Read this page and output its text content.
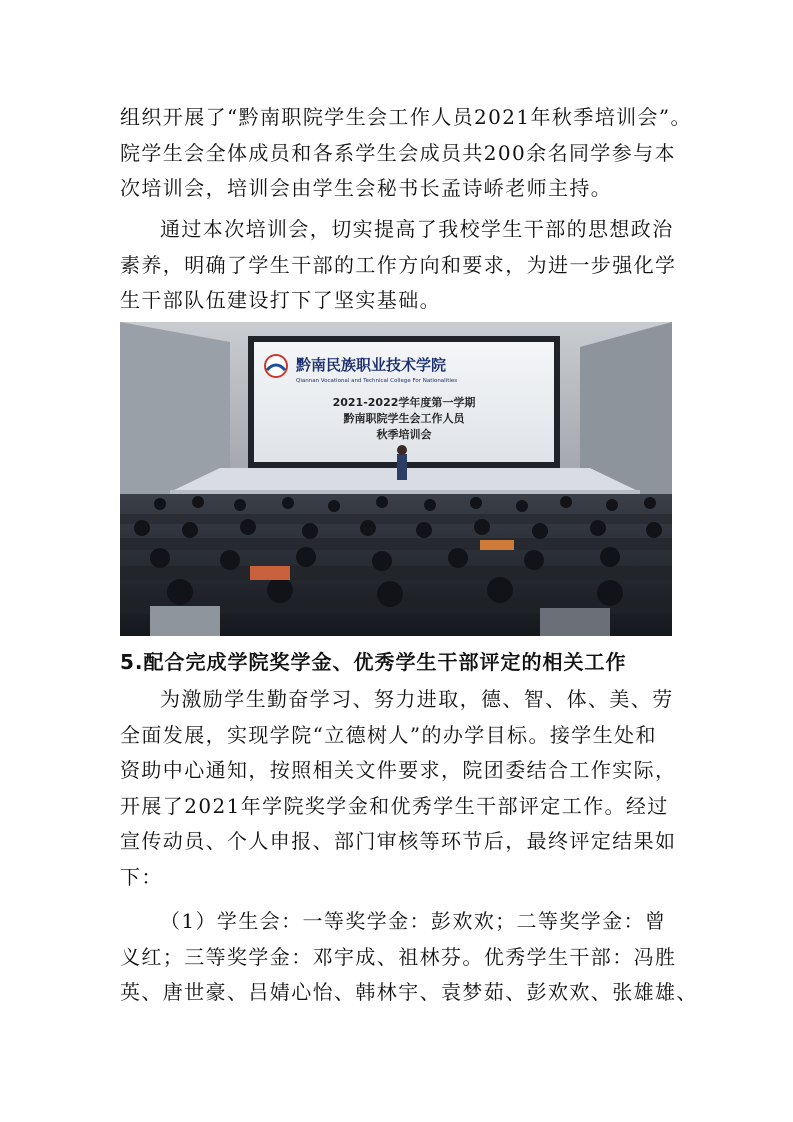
组织开展了“黔南职院学生会工作人员2021年秋季培训会”。
院学生会全体成员和各系学生会成员共200余名同学参与本
次培训会，培训会由学生会秘书长孟诗峤老师主持。

通过本次培训会，切实提高了我校学生干部的思想政治
素养，明确了学生干部的工作方向和要求，为进一步强化学
生干部队伍建设打下了坚实基础。

黔南民族职业技术学院
Qiannan Vocational and Technical College For Nationalities
2021-2022学年度第一学期
黔南职院学生会工作人员
秋季培训会
5.配合完成学院奖学金、优秀学生干部评定的相关工作

为激励学生勤奋学习、努力进取，德、智、体、美、劳
全面发展，实现学院“立德树人”的办学目标。接学生处和
资助中心通知，按照相关文件要求，院团委结合工作实际，
开展了2021年学院奖学金和优秀学生干部评定工作。经过
宣传动员、个人申报、部门审核等环节后，最终评定结果如
下：

（1）学生会：一等奖学金：彭欢欢；二等奖学金：曾
义红；三等奖学金：邓宇成、祖林芬。优秀学生干部：冯胜
英、唐世豪、吕婧心怡、韩林宇、袁梦茹、彭欢欢、张雄雄、
